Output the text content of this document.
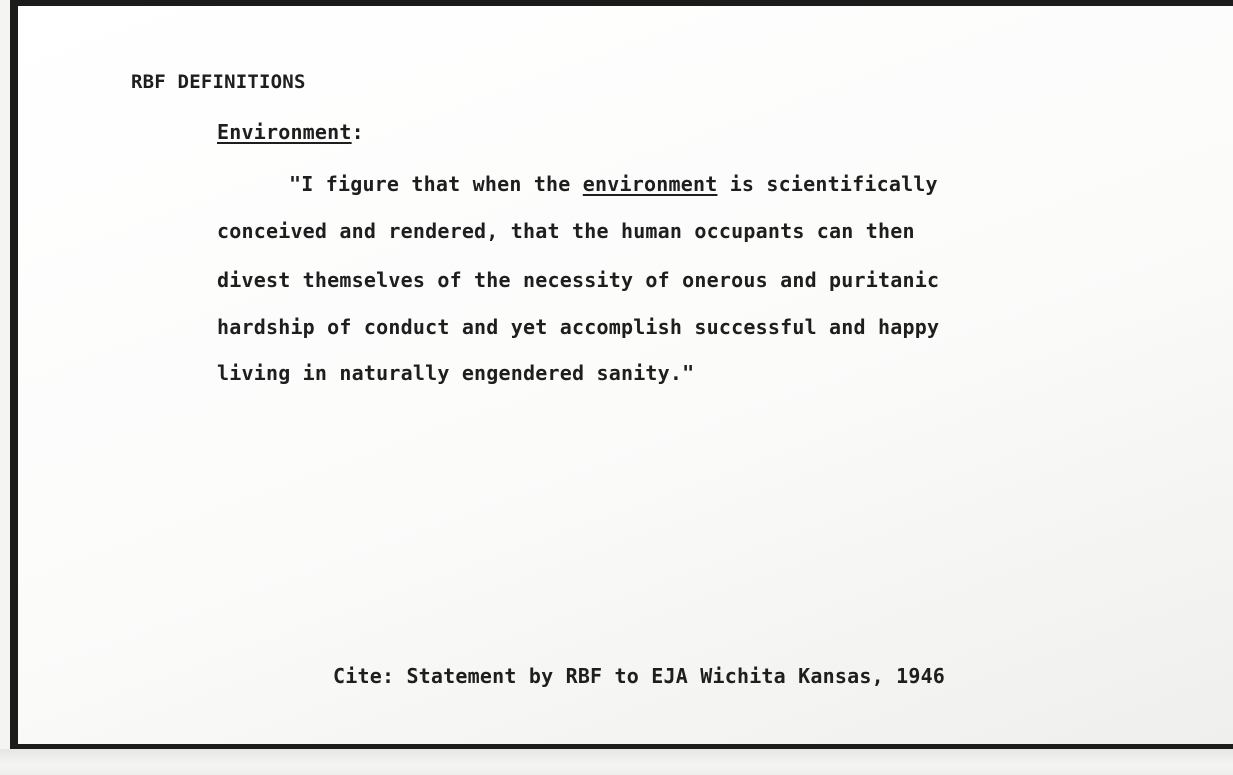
RBF DEFINITIONS

Environment:

"I figure that when the environment is scientifically

conceived and rendered, that the human occupants can then

divest themselves of the necessity of onerous and puritanic

hardship of conduct and yet accomplish successful and happy

living in naturally engendered sanity."

Cite: Statement by RBF to EJA Wichita Kansas, 1946
